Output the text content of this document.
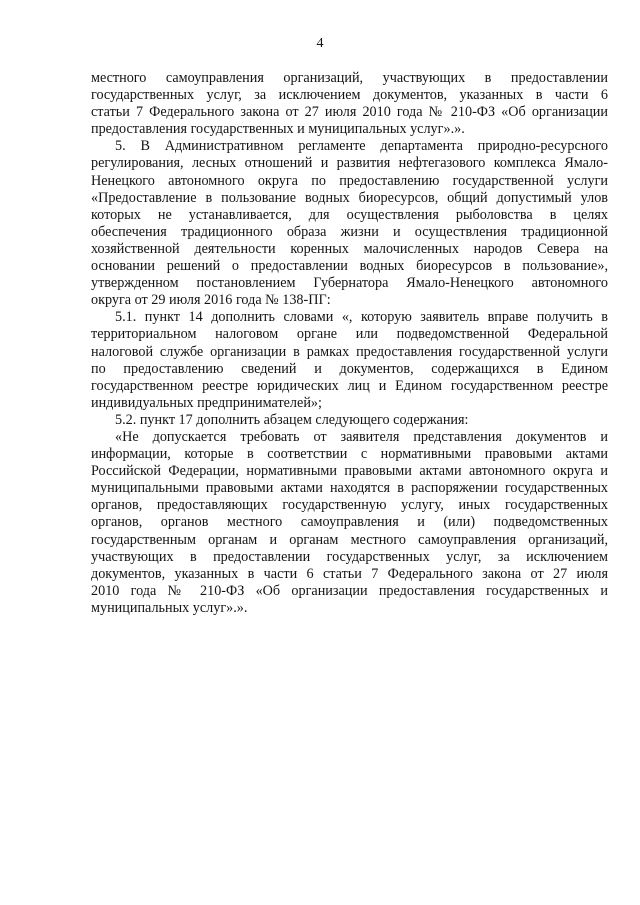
4
местного самоуправления организаций, участвующих в предоставлении
государственных услуг, за исключением документов, указанных в части 6
статьи 7 Федерального закона от 27 июля 2010 года № 210-ФЗ «Об организации
предоставления государственных и муниципальных услуг».».
5. В Административном регламенте департамента природно-ресурсного
регулирования, лесных отношений и развития нефтегазового комплекса Ямало-
Ненецкого автономного округа по предоставлению государственной услуги
«Предоставление в пользование водных биоресурсов, общий допустимый улов
которых не устанавливается, для осуществления рыболовства в целях
обеспечения традиционного образа жизни и осуществления традиционной
хозяйственной деятельности коренных малочисленных народов Севера на
основании решений о предоставлении водных биоресурсов в пользование»,
утвержденном постановлением Губернатора Ямало-Ненецкого автономного
округа от 29 июля 2016 года № 138-ПГ:
5.1. пункт 14 дополнить словами «, которую заявитель вправе получить в
территориальном налоговом органе или подведомственной Федеральной
налоговой службе организации в рамках предоставления государственной услуги
по предоставлению сведений и документов, содержащихся в Едином
государственном реестре юридических лиц и Едином государственном реестре
индивидуальных предпринимателей»;
5.2. пункт 17 дополнить абзацем следующего содержания:
«Не допускается требовать от заявителя представления документов и
информации, которые в соответствии с нормативными правовыми актами
Российской Федерации, нормативными правовыми актами автономного округа и
муниципальными правовыми актами находятся в распоряжении государственных
органов, предоставляющих государственную услугу, иных государственных
органов, органов местного самоуправления и (или) подведомственных
государственным органам и органам местного самоуправления организаций,
участвующих в предоставлении государственных услуг, за исключением
документов, указанных в части 6 статьи 7 Федерального закона от 27 июля
2010 года № 210-ФЗ «Об организации предоставления государственных и
муниципальных услуг».».
